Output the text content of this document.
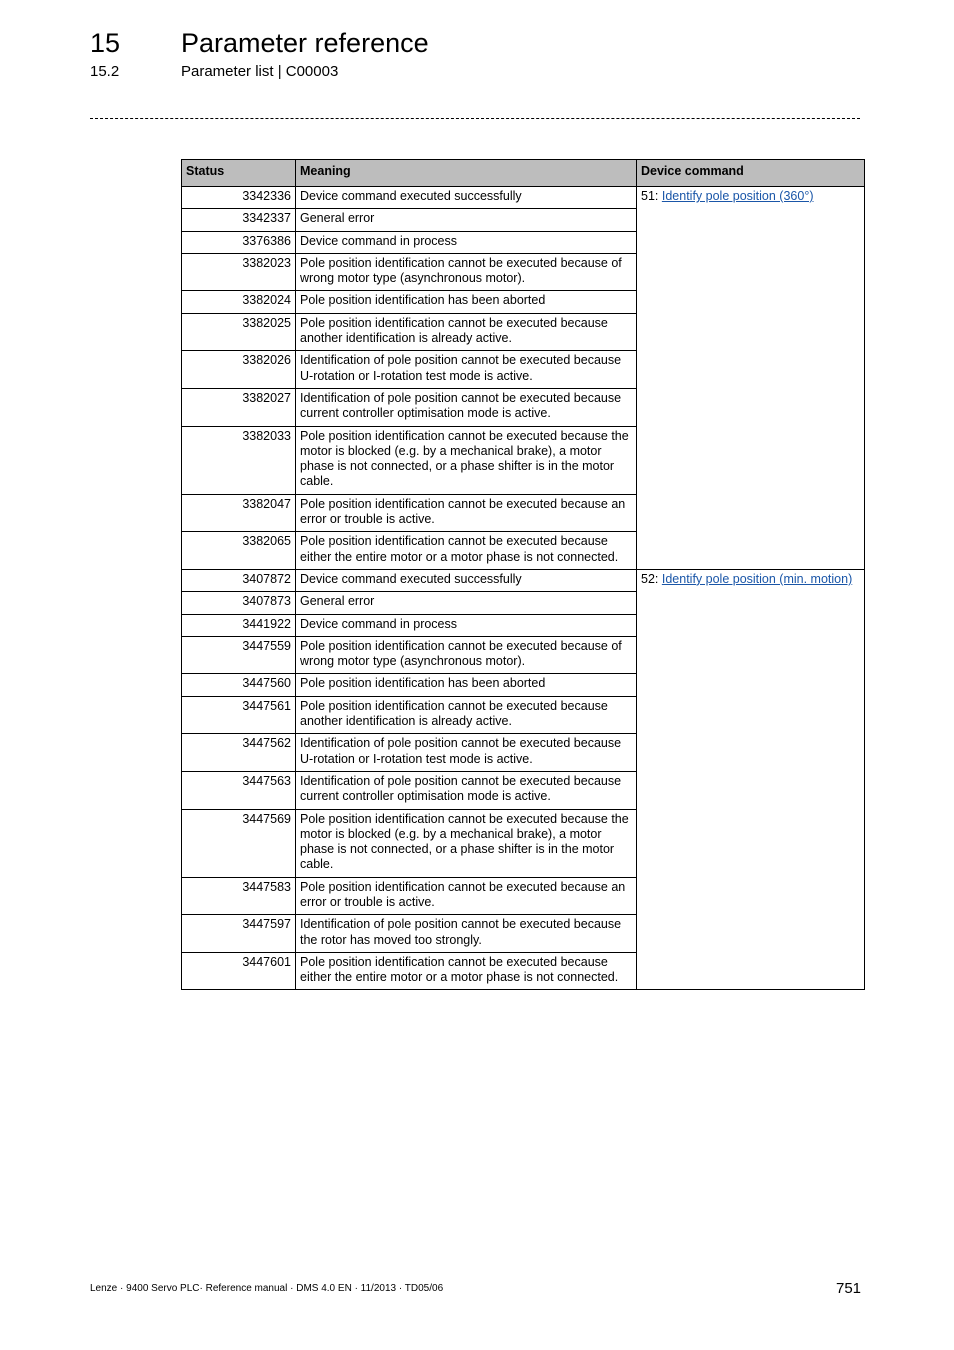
15 Parameter reference
15.2	Parameter list | C00003
Status	Meaning	Device command
3342336	Device command executed successfully	51: Identify pole position (360°)
3342337	General error	
3376386	Device command in process	
3382023	Pole position identification cannot be executed because of wrong motor type (asynchronous motor).	
3382024	Pole position identification has been aborted	
3382025	Pole position identification cannot be executed because another identification is already active.	
3382026	Identification of pole position cannot be executed because U-rotation or I-rotation test mode is active.	
3382027	Identification of pole position cannot be executed because current controller optimisation mode is active.	
3382033	Pole position identification cannot be executed because the motor is blocked (e.g. by a mechanical brake), a motor phase is not connected, or a phase shifter is in the motor cable.	
3382047	Pole position identification cannot be executed because an error or trouble is active.	
3382065	Pole position identification cannot be executed because either the entire motor or a motor phase is not connected.	
3407872	Device command executed successfully	52: Identify pole position (min. motion)
3407873	General error	
3441922	Device command in process	
3447559	Pole position identification cannot be executed because of wrong motor type (asynchronous motor).	
3447560	Pole position identification has been aborted	
3447561	Pole position identification cannot be executed because another identification is already active.	
3447562	Identification of pole position cannot be executed because U-rotation or I-rotation test mode is active.	
3447563	Identification of pole position cannot be executed because current controller optimisation mode is active.	
3447569	Pole position identification cannot be executed because the motor is blocked (e.g. by a mechanical brake), a motor phase is not connected, or a phase shifter is in the motor cable.	
3447583	Pole position identification cannot be executed because an error or trouble is active.	
3447597	Identification of pole position cannot be executed because the rotor has moved too strongly.	
3447601	Pole position identification cannot be executed because either the entire motor or a motor phase is not connected.	
Lenze · 9400 Servo PLC· Reference manual · DMS 4.0 EN · 11/2013 · TD05/06	751
